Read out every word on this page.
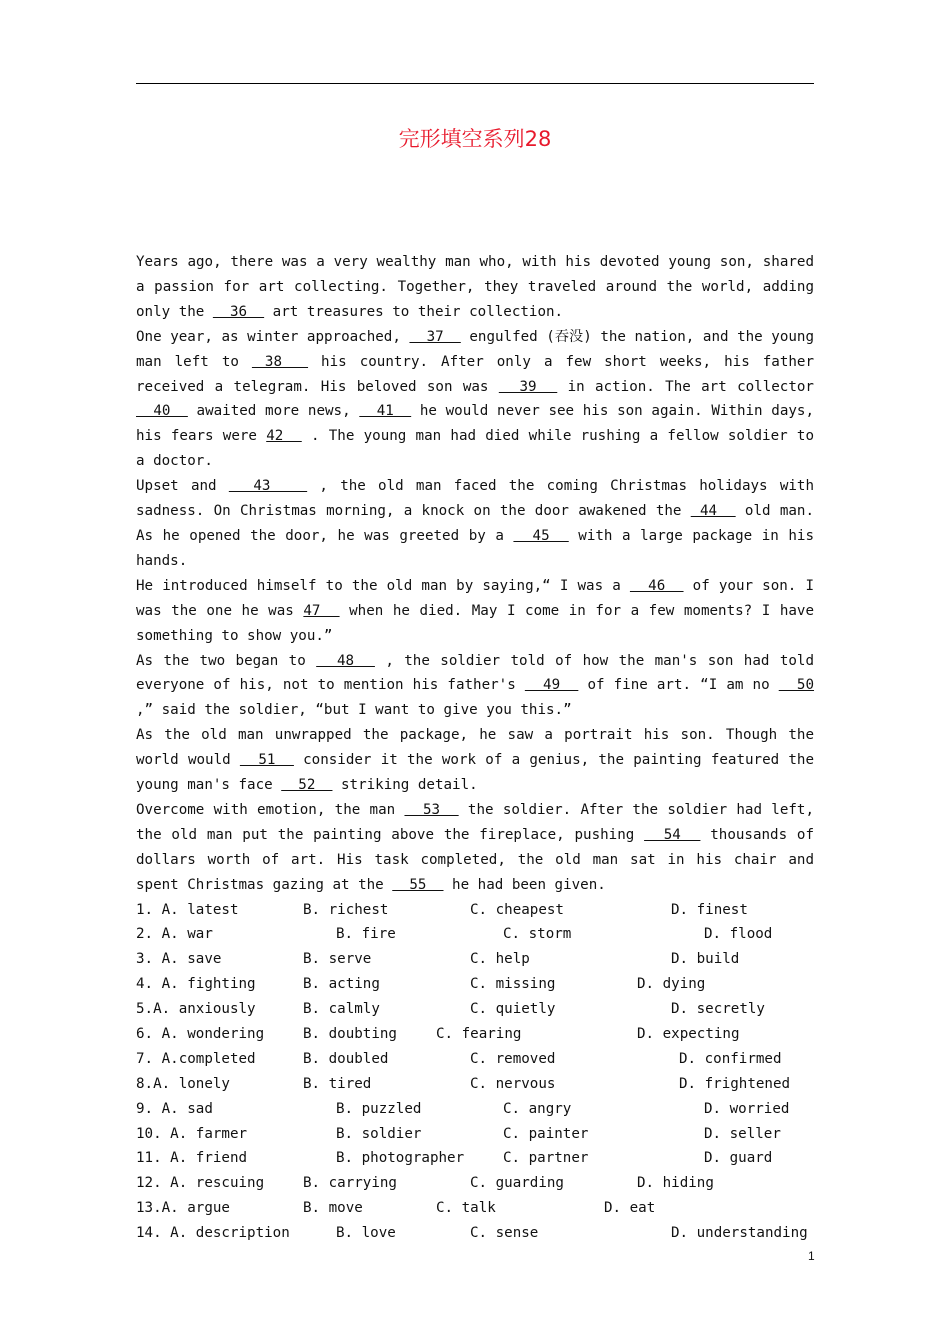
完形填空系列28
Years ago, there was a very wealthy man who, with his devoted young son, shared a passion for art collecting. Together, they traveled around the world, adding only the   36   art treasures to their collection.
One year, as winter approached,   37   engulfed (吞没) the nation, and the young man left to  38   his country. After only a few short weeks, his father received a telegram. His beloved son was   39   in action. The art collector   40   awaited more news,   41   he would never see his son again. Within days, his fears were 42   . The young man had died while rushing a fellow soldier to a doctor.
Upset and   43    , the old man faced the coming Christmas holidays with sadness. On Christmas morning, a knock on the door awakened the  44   old man. As he opened the door, he was greeted by a   45   with a large package in his hands.
He introduced himself to the old man by saying,“ I was a   46   of your son. I was the one he was 47   when he died. May I come in for a few moments? I have something to show you.”
As the two began to   48   , the soldier told of how the man's son had told everyone of his, not to mention his father's   49   of fine art. “I am no   50 ,” said the soldier, “but I want to give you this.”
As the old man unwrapped the package, he saw a portrait his son. Though the world would   51   consider it the work of a genius, the painting featured the young man's face   52   striking detail.
Overcome with emotion, the man   53   the soldier. After the soldier had left, the old man put the painting above the fireplace, pushing   54   thousands of dollars worth of art. His task completed, the old man sat in his chair and spent Christmas gazing at the   55   he had been given.
1. A. latest	B. richest	C. cheapest	D. finest
2. A. war	B. fire	C. storm	D. flood
3. A. save	B. serve	C. help	D. build
4. A. fighting	B. acting	C. missing	D. dying
5.A. anxiously	B. calmly	C. quietly	D. secretly
6. A. wondering	B. doubting	C. fearing	D. expecting
7. A.completed	B. doubled	C. removed	D. confirmed
8.A. lonely	B. tired	C. nervous	D. frightened
9. A. sad	B. puzzled	C. angry	D. worried
10. A. farmer	B. soldier	C. painter	D. seller
11. A. friend	B. photographer	C. partner	D. guard
12. A. rescuing	B. carrying	C. guarding	D. hiding
13.A. argue	B. move	C. talk	D. eat
14. A. description	B. love	C. sense	D. understanding
1
